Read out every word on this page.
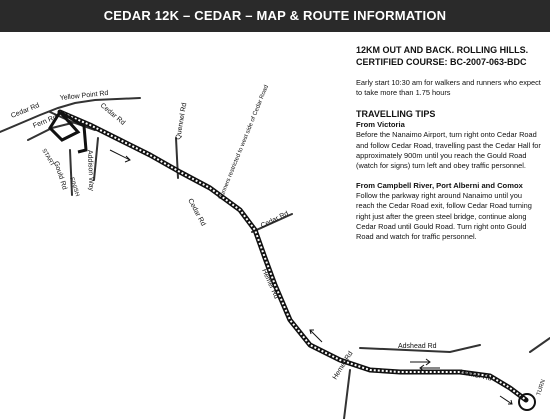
CEDAR 12K – CEDAR – MAP & ROUTE INFORMATION
Yellow Point Rd
Cedar Rd
Fern Rd
START
Gould Rd FINISH Addison Way
Cedar Rd	Quennel Rd	Runners restricted to west side of Cedar Road
Cedar Rd	Cedar Rd
Hemer Rd
Adshead Rd
Hemer Rd	Hemer Rd
TURN
12KM OUT AND BACK. ROLLING HILLS.
CERTIFIED COURSE: BC-2007-063-BDC

Early start 10:30 am for walkers and runners who expect to take more than 1.75 hours

TRAVELLING TIPS
From Victoria

Before the Nanaimo Airport, turn right onto Cedar Road and follow Cedar Road, travelling past the Cedar Hall for approximately 900m until you reach the Gould Road (watch for signs) turn left and obey traffic personnel.

From Campbell River, Port Alberni and Comox

Follow the parkway right around Nanaimo until you reach the Cedar Road exit, follow Cedar Road turning right just after the green steel bridge, continue along Cedar Road until Gould Road. Turn right onto Gould Road and watch for traffic personnel.
